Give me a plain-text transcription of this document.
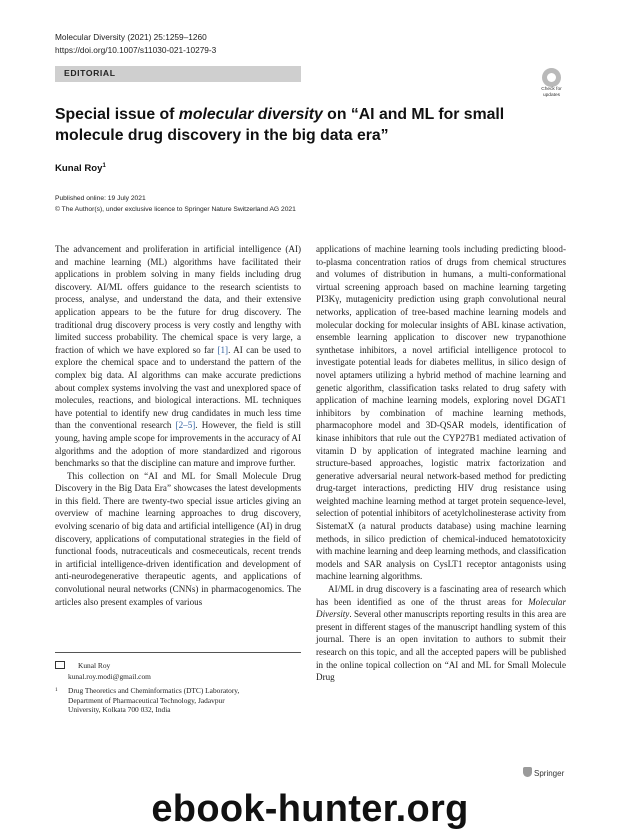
Molecular Diversity (2021) 25:1259–1260
https://doi.org/10.1007/s11030-021-10279-3
EDITORIAL
Check for
updates
Special issue of molecular diversity on “AI and ML for small molecule drug discovery in the big data era”
Kunal Roy$^1$
Published online: 19 July 2021
© The Author(s), under exclusive licence to Springer Nature Switzerland AG 2021

The advancement and proliferation in artificial intelligence (AI) and machine learning (ML) algorithms have facilitated their applications in problem solving in many fields including drug discovery. AI/ML offers guidance to the research scientists to process, analyse, and understand the data, and their extensive application appears to be the future for drug discovery. The traditional drug discovery process is very costly and lengthy with limited success probability. The chemical space is very large, a fraction of which we have explored so far [1]. AI can be used to explore the chemical space and to understand the pattern of the complex big data. AI algorithms can make accurate predictions about complex systems involving the vast and unexplored space of molecules, reactions, and biological interactions. ML techniques have potential to identify new drug candidates in much less time than the conventional research [2–5]. However, the field is still young, having ample scope for improvements in the accuracy of AI algorithms and the adoption of more standardized and rigorous benchmarks so that the discipline can mature and improve further.

This collection on “AI and ML for Small Molecule Drug Discovery in the Big Data Era” showcases the latest developments in this field. There are twenty-two special issue articles giving an overview of machine learning approaches to drug discovery, evolving scenario of big data and artificial intelligence (AI) in drug discovery, applications of computational strategies in the field of functional foods, nutraceuticals and cosmeceuticals, recent trends in artificial intelligence-driven identification and development of anti-neurodegenerative therapeutic agents, and applications of convolutional neural networks (CNNs) in pharmacogenomics. The articles also present examples of various

applications of machine learning tools including predicting blood-to-plasma concentration ratios of drugs from chemical structures and volumes of distribution in humans, a multi-conformational virtual screening approach based on machine learning targeting PI3Kγ, mutagenicity prediction using graph convolutional neural networks, application of tree-based machine learning models and molecular docking for molecular insights of ABL kinase activation, ensemble learning application to discover new trypanothione synthetase inhibitors, a novel artificial intelligence protocol to investigate potential leads for diabetes mellitus, in silico design of novel aptamers utilizing a hybrid method of machine learning and genetic algorithm, classification tasks related to drug safety with application of machine learning models, exploring novel DGAT1 inhibitors by combination of machine learning methods, pharmacophore model and 3D-QSAR models, identification of kinase inhibitors that rule out the CYP27B1 mediated activation of vitamin D by application of integrated machine learning and structure-based approaches, logistic matrix factorization and generative adversarial neural network-based method for predicting drug-target interactions, predicting HIV drug resistance using weighted machine learning method at target protein sequence-level, selection of potential inhibitors of acetylcholinesterase activity from SistematX (a natural products database) using machine learning methods, in silico prediction of chemical-induced hematotoxicity with machine learning and deep learning methods, and classification models and SAR analysis on CysLT1 receptor antagonists using machine learning algorithms.

AI/ML in drug discovery is a fascinating area of research which has been identified as one of the thrust areas for Molecular Diversity. Several other manuscripts reporting results in this area are present in different stages of the manuscript handling system of this journal. There is an open invitation to authors to submit their research on this topic, and all the accepted papers will be published in the online topical collection on “AI and ML for Small Molecule Drug

Kunal Roy
kunal.roy.modi@gmail.com
1	Drug Theoretics and Cheminformatics (DTC) Laboratory,
Department of Pharmaceutical Technology, Jadavpur
University, Kolkata 700 032, India
Springer
ebook-hunter.org
